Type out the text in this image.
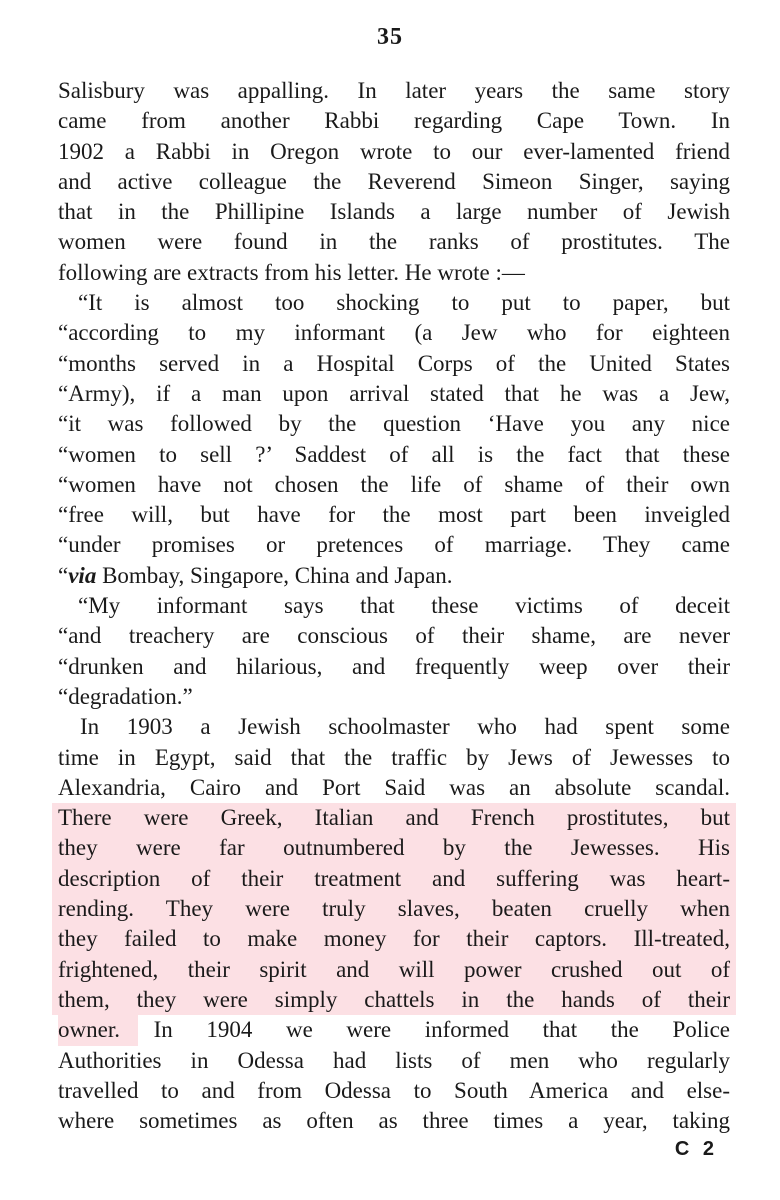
35
Salisbury was appalling. In later years the same story
came from another Rabbi regarding Cape Town. In
1902 a Rabbi in Oregon wrote to our ever-lamented friend
and active colleague the Reverend Simeon Singer, saying
that in the Phillipine Islands a large number of Jewish
women were found in the ranks of prostitutes. The
following are extracts from his letter. He wrote :—
“It is almost too shocking to put to paper, but
“according to my informant (a Jew who for eighteen
“months served in a Hospital Corps of the United States
“Army), if a man upon arrival stated that he was a Jew,
“it was followed by the question ‘Have you any nice
“women to sell ?’ Saddest of all is the fact that these
“women have not chosen the life of shame of their own
“free will, but have for the most part been inveigled
“under promises or pretences of marriage. They came
“via Bombay, Singapore, China and Japan.
“My informant says that these victims of deceit
“and treachery are conscious of their shame, are never
“drunken and hilarious, and frequently weep over their
“degradation.”
In 1903 a Jewish schoolmaster who had spent some
time in Egypt, said that the traffic by Jews of Jewesses to
Alexandria, Cairo and Port Said was an absolute scandal.
There were Greek, Italian and French prostitutes, but
they were far outnumbered by the Jewesses. His
description of their treatment and suffering was heart-
rending. They were truly slaves, beaten cruelly when
they failed to make money for their captors. Ill-treated,
frightened, their spirit and will power crushed out of
them, they were simply chattels in the hands of their
owner. In 1904 we were informed that the Police
Authorities in Odessa had lists of men who regularly
travelled to and from Odessa to South America and else-
where sometimes as often as three times a year, taking
C 2
